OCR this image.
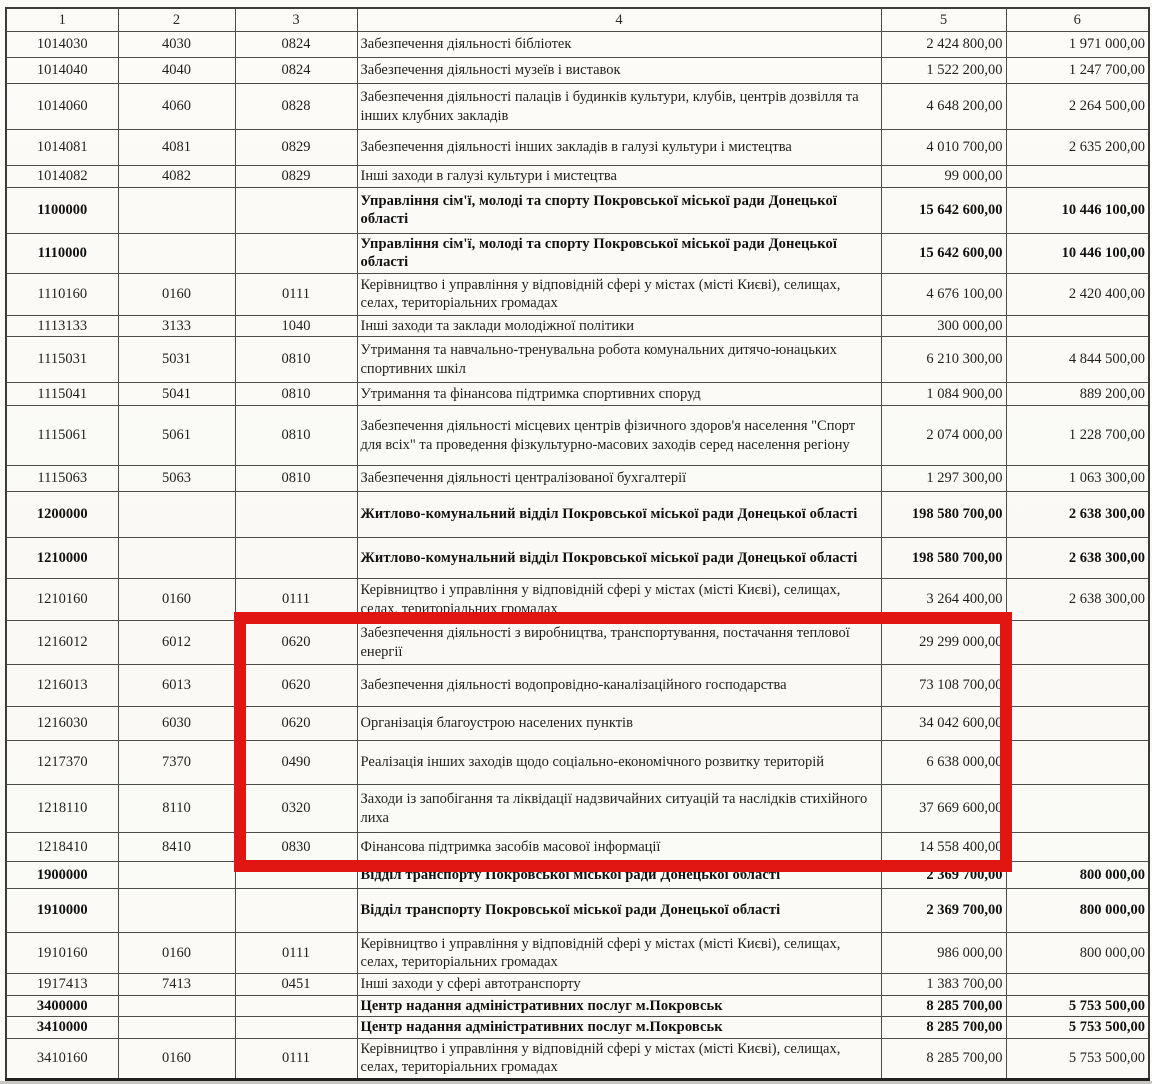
1	2	3	4	5	6
1014030	4030	0824	Забезпечення діяльності бібліотек	2 424 800,00	1 971 000,00
1014040	4040	0824	Забезпечення діяльності музеїв і виставок	1 522 200,00	1 247 700,00
1014060	4060	0828	Забезпечення діяльності палаців і будинків культури, клубів, центрів дозвілля та інших клубних закладів	4 648 200,00	2 264 500,00
1014081	4081	0829	Забезпечення діяльності інших закладів в галузі культури і мистецтва	4 010 700,00	2 635 200,00
1014082	4082	0829	Інші заходи в галузі культури і мистецтва	99 000,00	
1100000			Управління сім'ї, молоді та спорту Покровської міської ради Донецької області	15 642 600,00	10 446 100,00
1110000			Управління сім'ї, молоді та спорту Покровської міської ради Донецької області	15 642 600,00	10 446 100,00
1110160	0160	0111	Керівництво і управління у відповідній сфері у містах (місті Києві), селищах, селах, територіальних громадах	4 676 100,00	2 420 400,00
1113133	3133	1040	Інші заходи та заклади молодіжної політики	300 000,00	
1115031	5031	0810	Утримання та навчально-тренувальна робота комунальних дитячо-юнацьких спортивних шкіл	6 210 300,00	4 844 500,00
1115041	5041	0810	Утримання та фінансова підтримка спортивних споруд	1 084 900,00	889 200,00
1115061	5061	0810	Забезпечення діяльності місцевих центрів фізичного здоров'я населення "Спорт для всіх" та проведення фізкультурно-масових заходів серед населення регіону	2 074 000,00	1 228 700,00
1115063	5063	0810	Забезпечення діяльності централізованої бухгалтерії	1 297 300,00	1 063 300,00
1200000			Житлово-комунальний відділ Покровської міської ради Донецької області	198 580 700,00	2 638 300,00
1210000			Житлово-комунальний відділ Покровської міської ради Донецької області	198 580 700,00	2 638 300,00
1210160	0160	0111	Керівництво і управління у відповідній сфері у містах (місті Києві), селищах, селах, територіальних громадах	3 264 400,00	2 638 300,00
1216012	6012	0620	Забезпечення діяльності з виробництва, транспортування, постачання теплової енергії	29 299 000,00	
1216013	6013	0620	Забезпечення діяльності водопровідно-каналізаційного господарства	73 108 700,00	
1216030	6030	0620	Організація благоустрою населених пунктів	34 042 600,00	
1217370	7370	0490	Реалізація інших заходів щодо соціально-економічного розвитку територій	6 638 000,00	
1218110	8110	0320	Заходи із запобігання та ліквідації надзвичайних ситуацій та наслідків стихійного лиха	37 669 600,00	
1218410	8410	0830	Фінансова підтримка засобів масової інформації	14 558 400,00	
1900000			Відділ транспорту Покровської міської ради Донецької області	2 369 700,00	800 000,00
1910000			Відділ транспорту Покровської міської ради Донецької області	2 369 700,00	800 000,00
1910160	0160	0111	Керівництво і управління у відповідній сфері у містах (місті Києві), селищах, селах, територіальних громадах	986 000,00	800 000,00
1917413	7413	0451	Інші заходи у сфері автотранспорту	1 383 700,00	
3400000			Центр надання адміністративних послуг м.Покровськ	8 285 700,00	5 753 500,00
3410000			Центр надання адміністративних послуг м.Покровськ	8 285 700,00	5 753 500,00
3410160	0160	0111	Керівництво і управління у відповідній сфері у містах (місті Києві), селищах, селах, територіальних громадах	8 285 700,00	5 753 500,00
